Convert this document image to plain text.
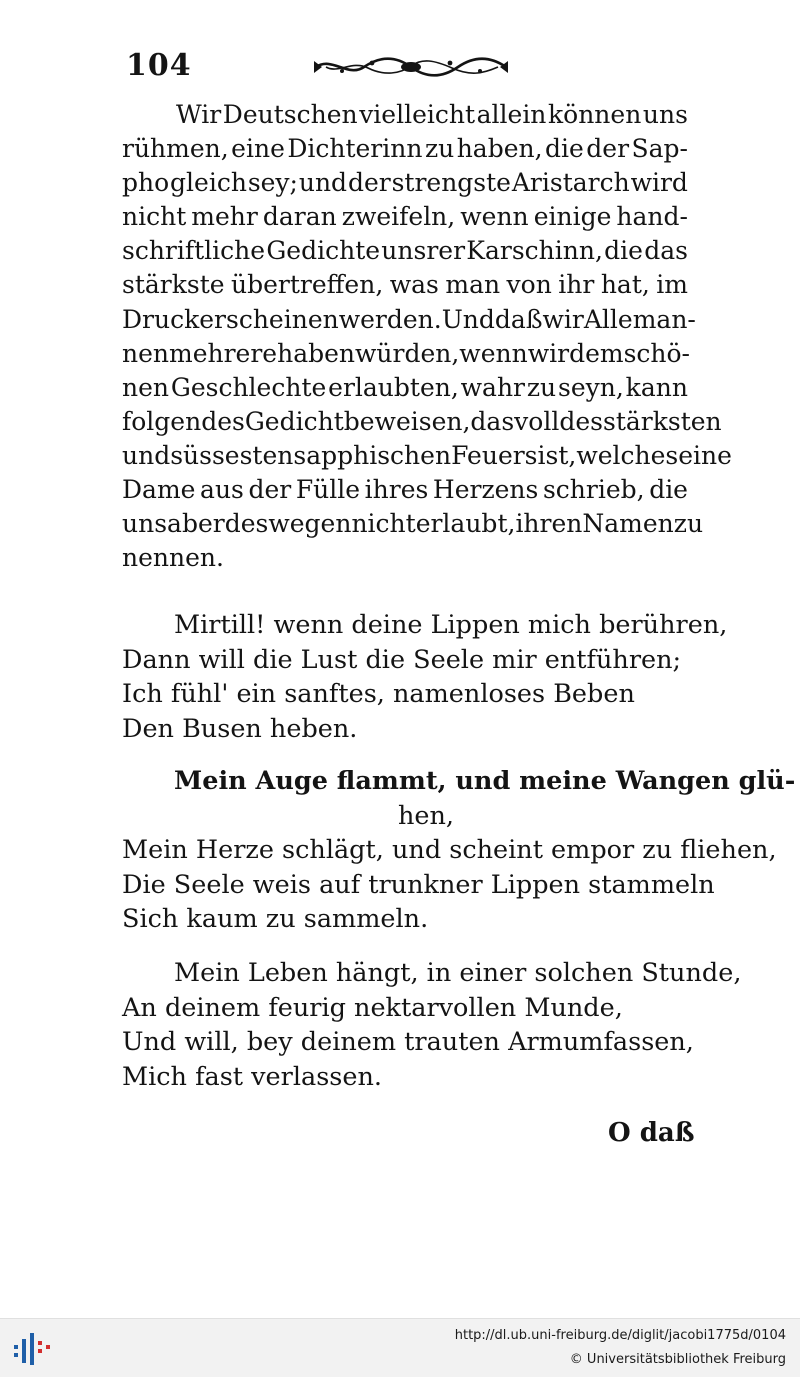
104
Wir Deutschen vielleicht allein können uns
rühmen, eine Dichterinn zu haben, die der Sap-
pho gleich sey; und der strengste Aristarch wird
nicht mehr daran zweifeln, wenn einige hand-
schriftliche Gedichte unsrer Karschinn, die das
stärkste übertreffen, was man von ihr hat, im
Druck erscheinen werden. Und daß wir Alleman-
nen mehrere haben würden, wenn wir dem schö-
nen Geschlechte erlaubten, wahr zu seyn, kann
folgendes Gedicht beweisen, das voll des stärksten
und süssesten sapphischen Feuers ist, welches eine
Dame aus der Fülle ihres Herzens schrieb, die
uns aber deswegen nicht erlaubt, ihren Namen zu
nennen.
Mirtill! wenn deine Lippen mich berühren,
Dann will die Lust die Seele mir entführen;
Ich fühl' ein sanftes, namenloses Beben
Den Busen heben.
Mein Auge flammt, und meine Wangen glü-
hen,
Mein Herze schlägt, und scheint empor zu fliehen,
Die Seele weis auf trunkner Lippen stammeln
Sich kaum zu sammeln.
Mein Leben hängt, in einer solchen Stunde,
An deinem feurig nektarvollen Munde,
Und will, bey deinem trauten Armumfassen,
Mich fast verlassen.
O daß
http://dl.ub.uni-freiburg.de/diglit/jacobi1775d/0104
© Universitätsbibliothek Freiburg
